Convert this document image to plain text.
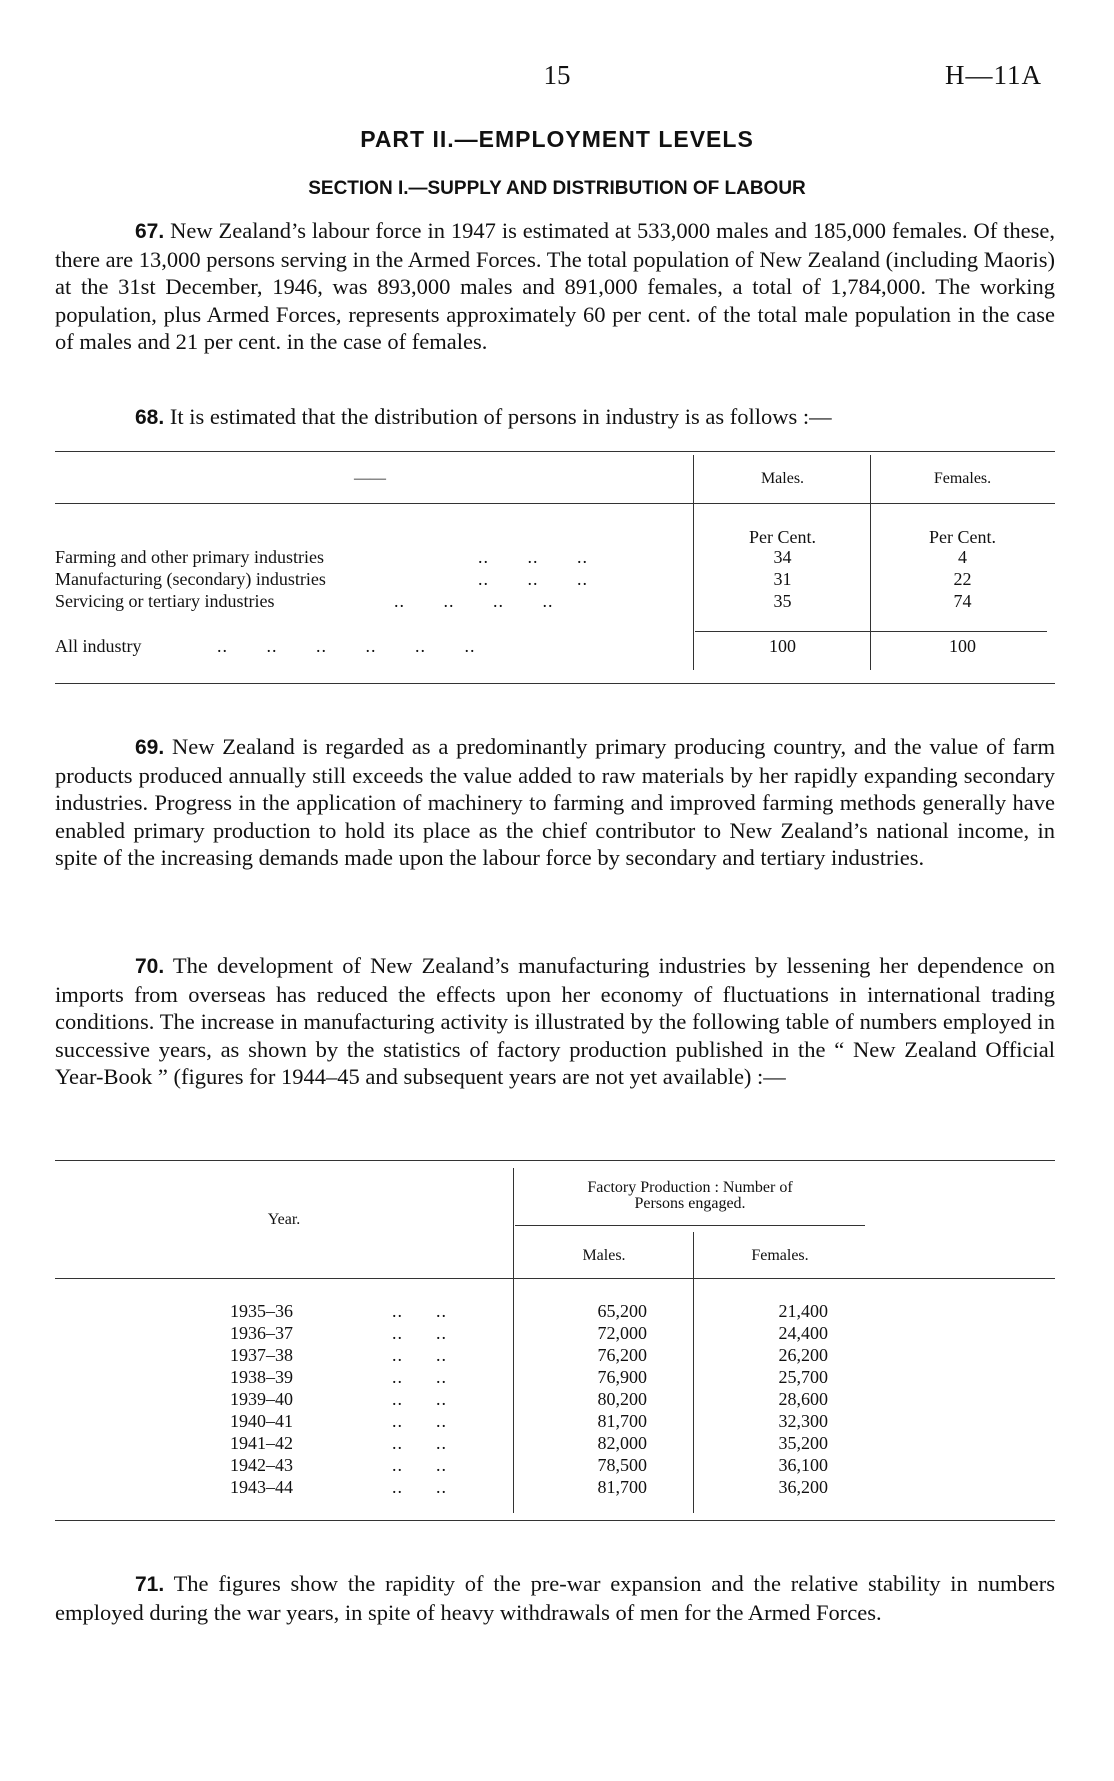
15	H—11A
PART II.—EMPLOYMENT LEVELS
SECTION I.—SUPPLY AND DISTRIBUTION OF LABOUR
67. New Zealand’s labour force in 1947 is estimated at 533,000 males and 185,000 females. Of these, there are 13,000 persons serving in the Armed Forces. The total population of New Zealand (including Maoris) at the 31st December, 1946, was 893,000 males and 891,000 females, a total of 1,784,000. The working population, plus Armed Forces, represents approximately 60 per cent. of the total male population in the case of males and 21 per cent. in the case of females.
68. It is estimated that the distribution of persons in industry is as follows :—
——	Males.	Females.
Per Cent.	Per Cent.
Farming and other primary industries	..       ..       ..	34	4
Manufacturing (secondary) industries	..       ..       ..	31	22
Servicing or tertiary industries	..       ..       ..       ..	35	74
All industry	..       ..       ..       ..       ..       ..	100	100
69. New Zealand is regarded as a predominantly primary producing country, and the value of farm products produced annually still exceeds the value added to raw materials by her rapidly expanding secondary industries. Progress in the application of machinery to farming and improved farming methods generally have enabled primary production to hold its place as the chief contributor to New Zealand’s national income, in spite of the increasing demands made upon the labour force by secondary and tertiary industries.
70. The development of New Zealand’s manufacturing industries by lessening her dependence on imports from overseas has reduced the effects upon her economy of fluctuations in international trading conditions. The increase in manufacturing activity is illustrated by the following table of numbers employed in successive years, as shown by the statistics of factory production published in the “ New Zealand Official Year-Book ” (figures for 1944–45 and subsequent years are not yet available) :—
Year.
Factory Production : Number of
Persons engaged.
Males.	Females.
1935–36	..      ..	65,200	21,400
1936–37	..      ..	72,000	24,400
1937–38	..      ..	76,200	26,200
1938–39	..      ..	76,900	25,700
1939–40	..      ..	80,200	28,600
1940–41	..      ..	81,700	32,300
1941–42	..      ..	82,000	35,200
1942–43	..      ..	78,500	36,100
1943–44	..      ..	81,700	36,200
71. The figures show the rapidity of the pre-war expansion and the relative stability in numbers employed during the war years, in spite of heavy withdrawals of men for the Armed Forces.
